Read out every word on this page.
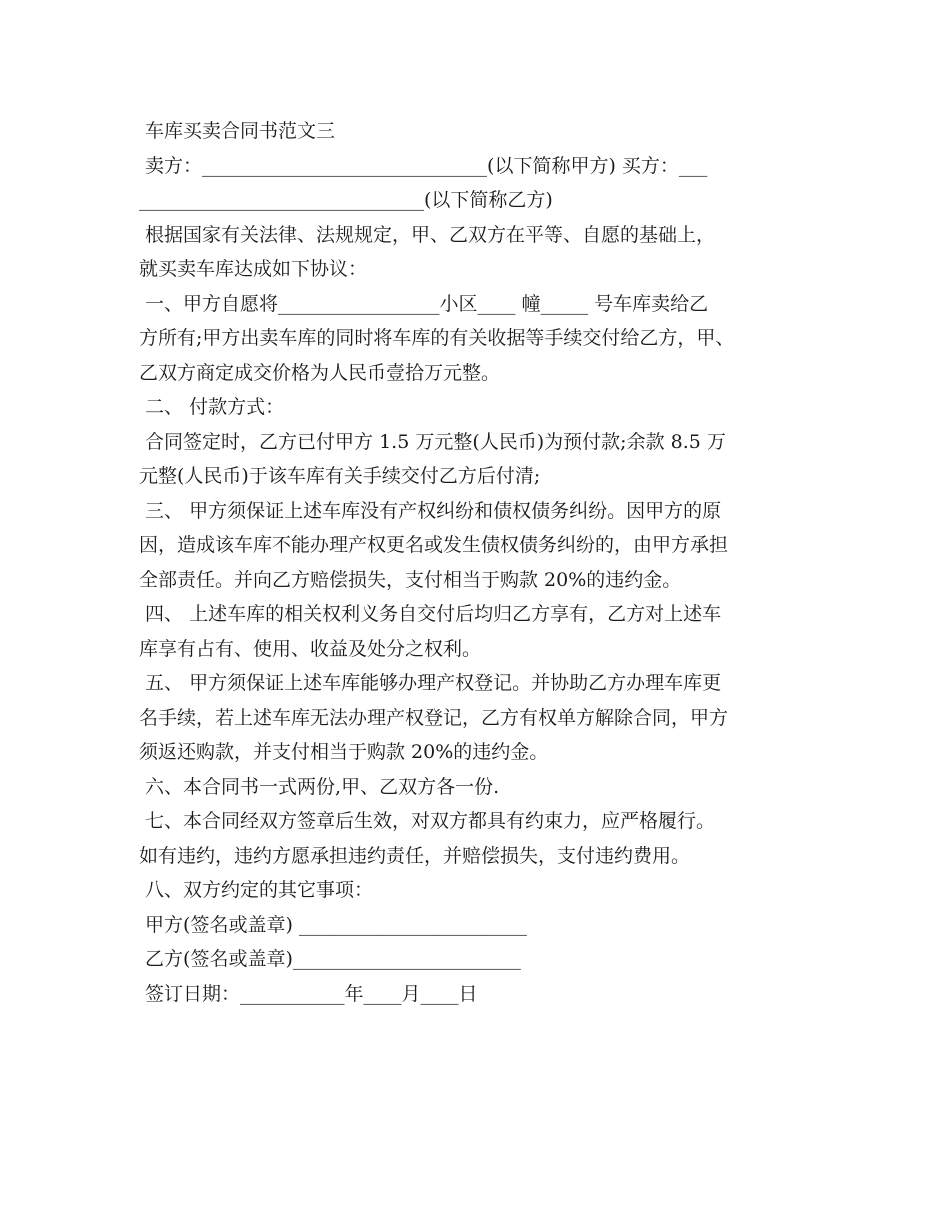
车库买卖合同书范文三
卖方：______________________________(以下简称甲方) 买方：___
______________________________(以下简称乙方)
根据国家有关法律、法规规定，甲、乙双方在平等、自愿的基础上，
就买卖车库达成如下协议：
一、甲方自愿将_________________小区____ 幢_____ 号车库卖给乙
方所有;甲方出卖车库的同时将车库的有关收据等手续交付给乙方，甲、
乙双方商定成交价格为人民币壹拾万元整。
二、 付款方式：
合同签定时，乙方已付甲方 1.5 万元整(人民币)为预付款;余款 8.5 万
元整(人民币)于该车库有关手续交付乙方后付清;
三、 甲方须保证上述车库没有产权纠纷和债权债务纠纷。因甲方的原
因，造成该车库不能办理产权更名或发生债权债务纠纷的，由甲方承担
全部责任。并向乙方赔偿损失，支付相当于购款 20%的违约金。
四、 上述车库的相关权利义务自交付后均归乙方享有，乙方对上述车
库享有占有、使用、收益及处分之权利。
五、 甲方须保证上述车库能够办理产权登记。并协助乙方办理车库更
名手续，若上述车库无法办理产权登记，乙方有权单方解除合同，甲方
须返还购款，并支付相当于购款 20%的违约金。
六、本合同书一式两份,甲、乙双方各一份.
七、本合同经双方签章后生效，对双方都具有约束力，应严格履行。
如有违约，违约方愿承担违约责任，并赔偿损失，支付违约费用。
八、双方约定的其它事项：
甲方(签名或盖章) ________________________
乙方(签名或盖章)________________________
签订日期：___________年____月____日
